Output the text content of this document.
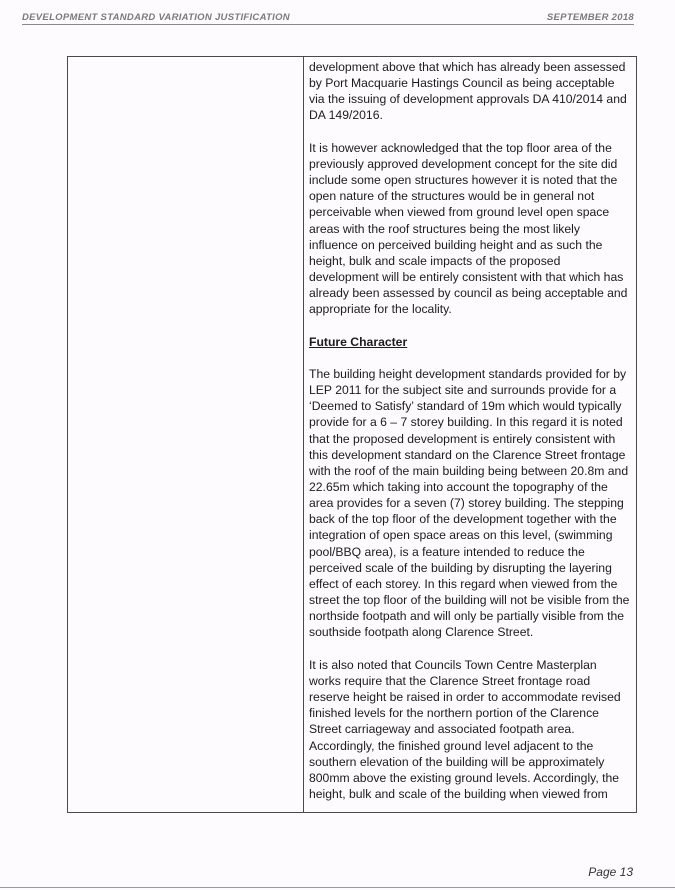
DEVELOPMENT STANDARD VARIATION JUSTIFICATION	SEPTEMBER 2018

development above that which has already been assessed by Port Macquarie Hastings Council as being acceptable via the issuing of development approvals DA 410/2014 and DA 149/2016.

It is however acknowledged that the top floor area of the previously approved development concept for the site did include some open structures however it is noted that the open nature of the structures would be in general not perceivable when viewed from ground level open space areas with the roof structures being the most likely influence on perceived building height and as such the height, bulk and scale impacts of the proposed development will be entirely consistent with that which has already been assessed by council as being acceptable and appropriate for the locality.

Future Character

The building height development standards provided for by LEP 2011 for the subject site and surrounds provide for a ‘Deemed to Satisfy’ standard of 19m which would typically provide for a 6 – 7 storey building. In this regard it is noted that the proposed development is entirely consistent with this development standard on the Clarence Street frontage with the roof of the main building being between 20.8m and 22.65m which taking into account the topography of the area provides for a seven (7) storey building. The stepping back of the top floor of the development together with the integration of open space areas on this level, (swimming pool/BBQ area), is a feature intended to reduce the perceived scale of the building by disrupting the layering effect of each storey. In this regard when viewed from the street the top floor of the building will not be visible from the northside footpath and will only be partially visible from the southside footpath along Clarence Street.

It is also noted that Councils Town Centre Masterplan works require that the Clarence Street frontage road reserve height be raised in order to accommodate revised finished levels for the northern portion of the Clarence Street carriageway and associated footpath area. Accordingly, the finished ground level adjacent to the southern elevation of the building will be approximately 800mm above the existing ground levels. Accordingly, the height, bulk and scale of the building when viewed from

Page 13
